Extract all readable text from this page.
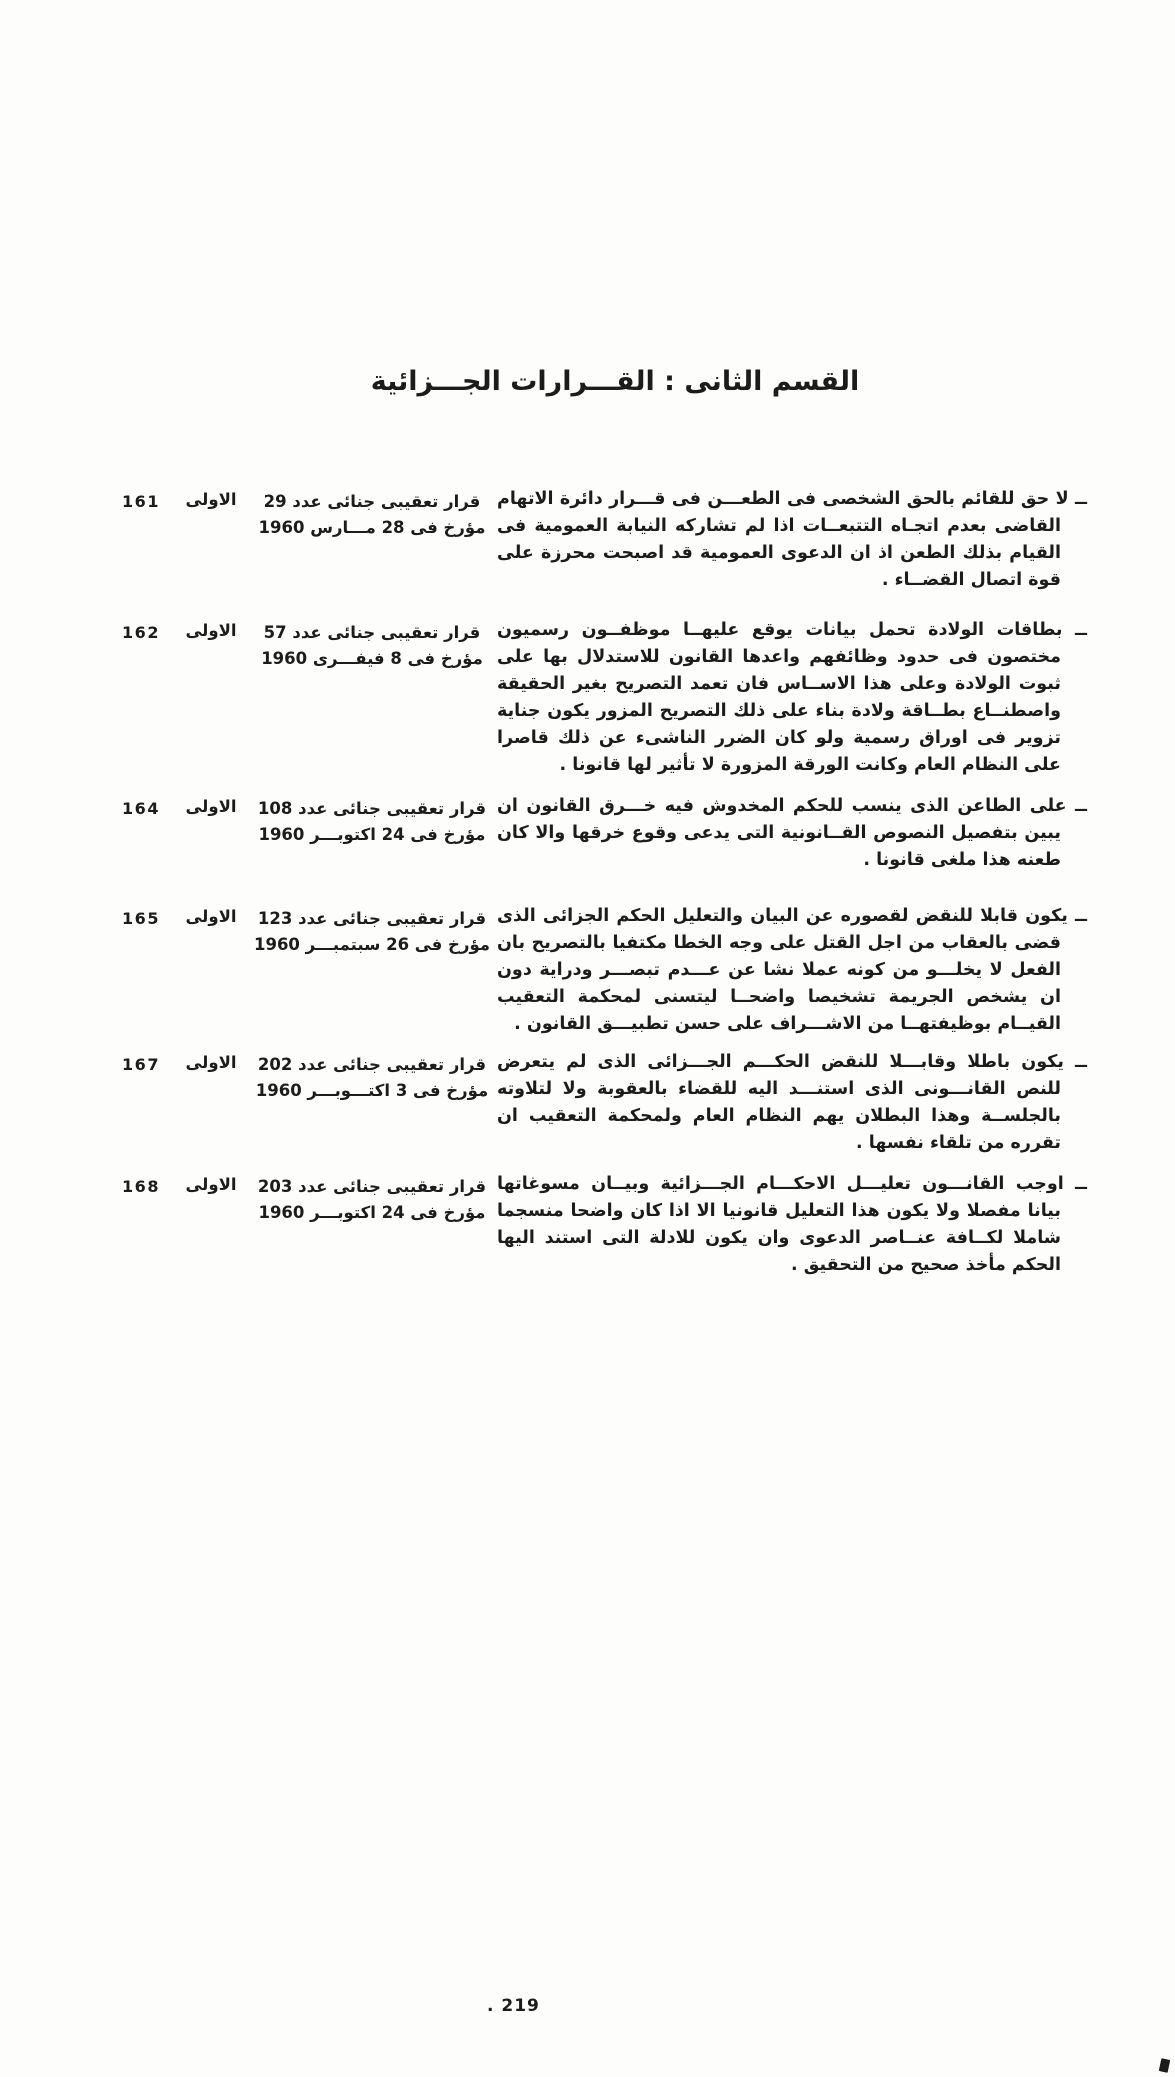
القسم الثانى : القـــرارات الجـــزائية
ــ لا حق للقائم بالحق الشخصى فى الطعـــن فى قـــرار دائرة الاتهام القاضى بعدم اتجـاه التتبعــات اذا لم تشاركه النيابة العمومية فى القيام بذلك الطعن اذ ان الدعوى العمومية قد اصبحت محرزة على قوة اتصال القضــاء .
قرار تعقيبى جنائى عدد 29
مؤرخ فى 28 مـــارس 1960
الاولى
161
ــ بطاقات الولادة تحمل بيانات يوقع عليهــا موظفــون رسميون مختصون فى حدود وظائفهم واعدها القانون للاستدلال بها على ثبوت الولادة وعلى هذا الاســاس فان تعمد التصريح بغير الحقيقة واصطنــاع بطــاقة ولادة بناء على ذلك التصريح المزور يكون جناية تزوير فى اوراق رسمية ولو كان الضرر الناشىء عن ذلك قاصرا على النظام العام وكانت الورقة المزورة لا تأثير لها قانونا .
قرار تعقيبى جنائى عدد 57
مؤرخ فى 8 فيفـــرى 1960
الاولى
162
ــ على الطاعن الذى ينسب للحكم المخدوش فيه خـــرق القانون ان يبين بتفصيل النصوص القــانونية التى يدعى وقوع خرقها والا كان طعنه هذا ملغى قانونا .
قرار تعقيبى جنائى عدد 108
مؤرخ فى 24 اكتوبـــر 1960
الاولى
164
ــ يكون قابلا للنقض لقصوره عن البيان والتعليل الحكم الجزائى الذى قضى بالعقاب من اجل القتل على وجه الخطا مكتفيا بالتصريح بان الفعل لا يخلـــو من كونه عملا نشا عن عـــدم تبصـــر ودراية دون ان يشخص الجريمة تشخيصا واضحــا ليتسنى لمحكمة التعقيب القيــام بوظيفتهــا من الاشـــراف على حسن تطبيـــق القانون .
قرار تعقيبى جنائى عدد 123
مؤرخ فى 26 سبتمبـــر 1960
الاولى
165
ــ يكون باطلا وقابـــلا للنقض الحكـــم الجـــزائى الذى لم يتعرض للنص القانـــونى الذى استنـــد اليه للقضاء بالعقوبة ولا لتلاوته بالجلســة وهذا البطلان يهم النظام العام ولمحكمة التعقيب ان تقرره من تلقاء نفسها .
قرار تعقيبى جنائى عدد 202
مؤرخ فى 3 اكتـــوبـــر 1960
الاولى
167
ــ اوجب القانـــون تعليـــل الاحكـــام الجـــزائية وبيــان مسوغاتها بيانا مفصلا ولا يكون هذا التعليل قانونيا الا اذا كان واضحا منسجما شاملا لكــافة عنــاصر الدعوى وان يكون للادلة التى استند اليها الحكم مأخذ صحيح من التحقيق .
قرار تعقيبى جنائى عدد 203
مؤرخ فى 24 اكتوبـــر 1960
الاولى
168
. 219
